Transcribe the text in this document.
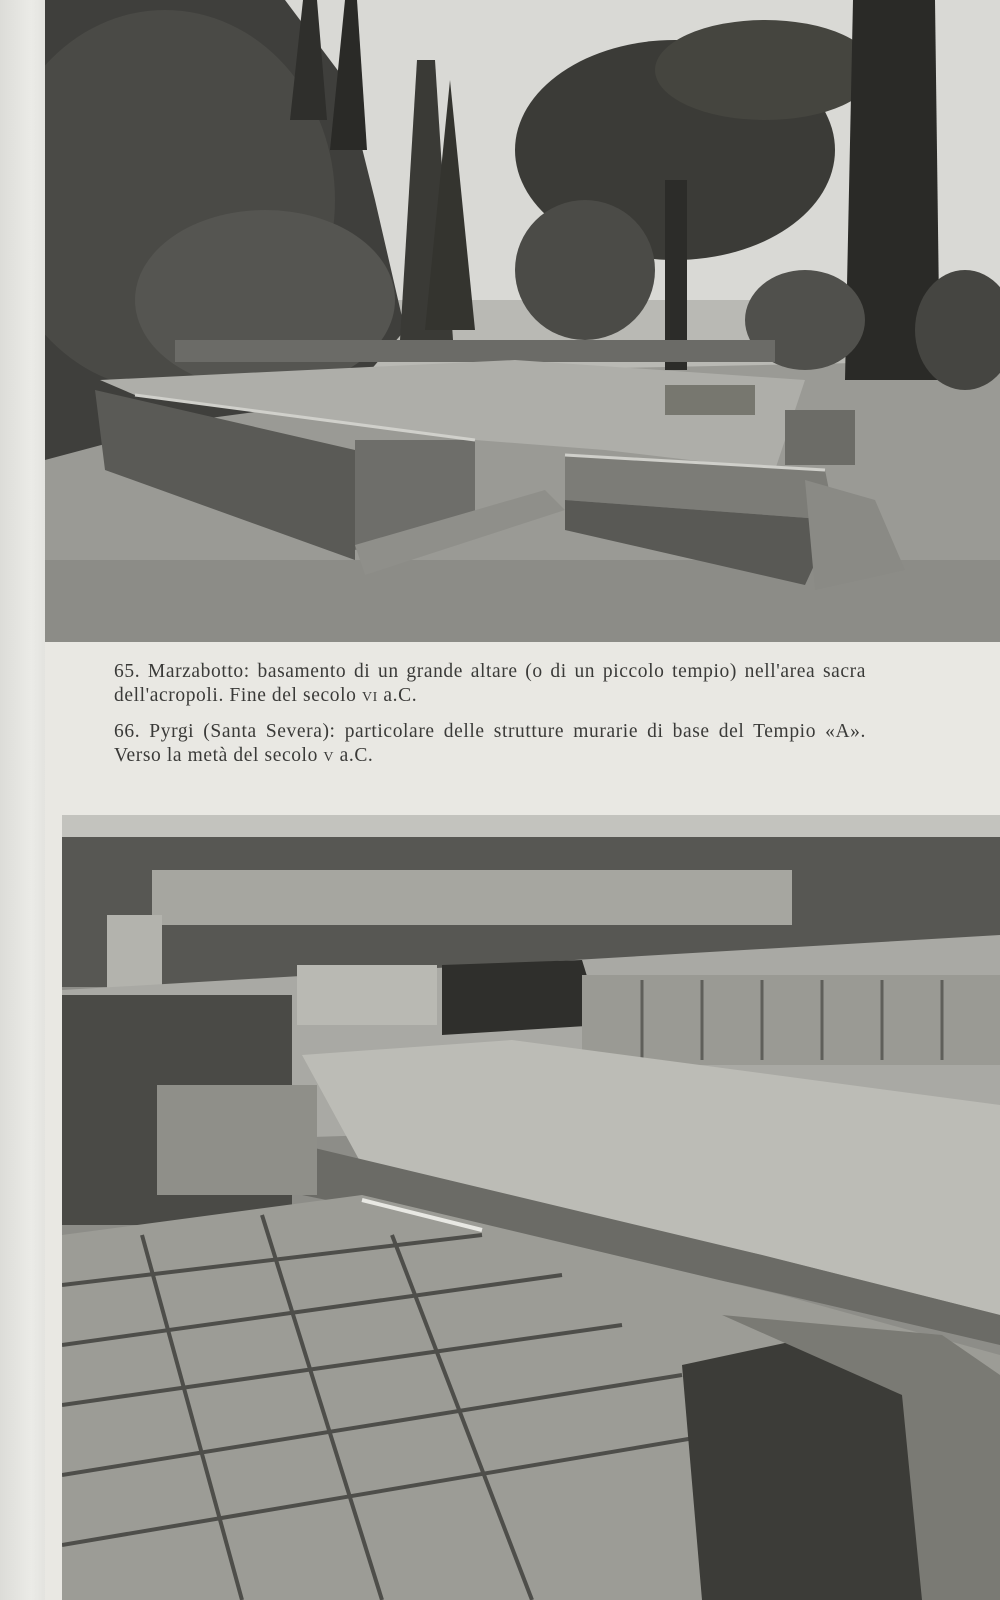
65. Marzabotto: basamento di un grande altare (o di un piccolo tempio) nell'area sacra dell'acropoli. Fine del secolo vi a.C.

66. Pyrgi (Santa Severa): particolare delle strutture murarie di base del Tempio «A». Verso la metà del secolo v a.C.
